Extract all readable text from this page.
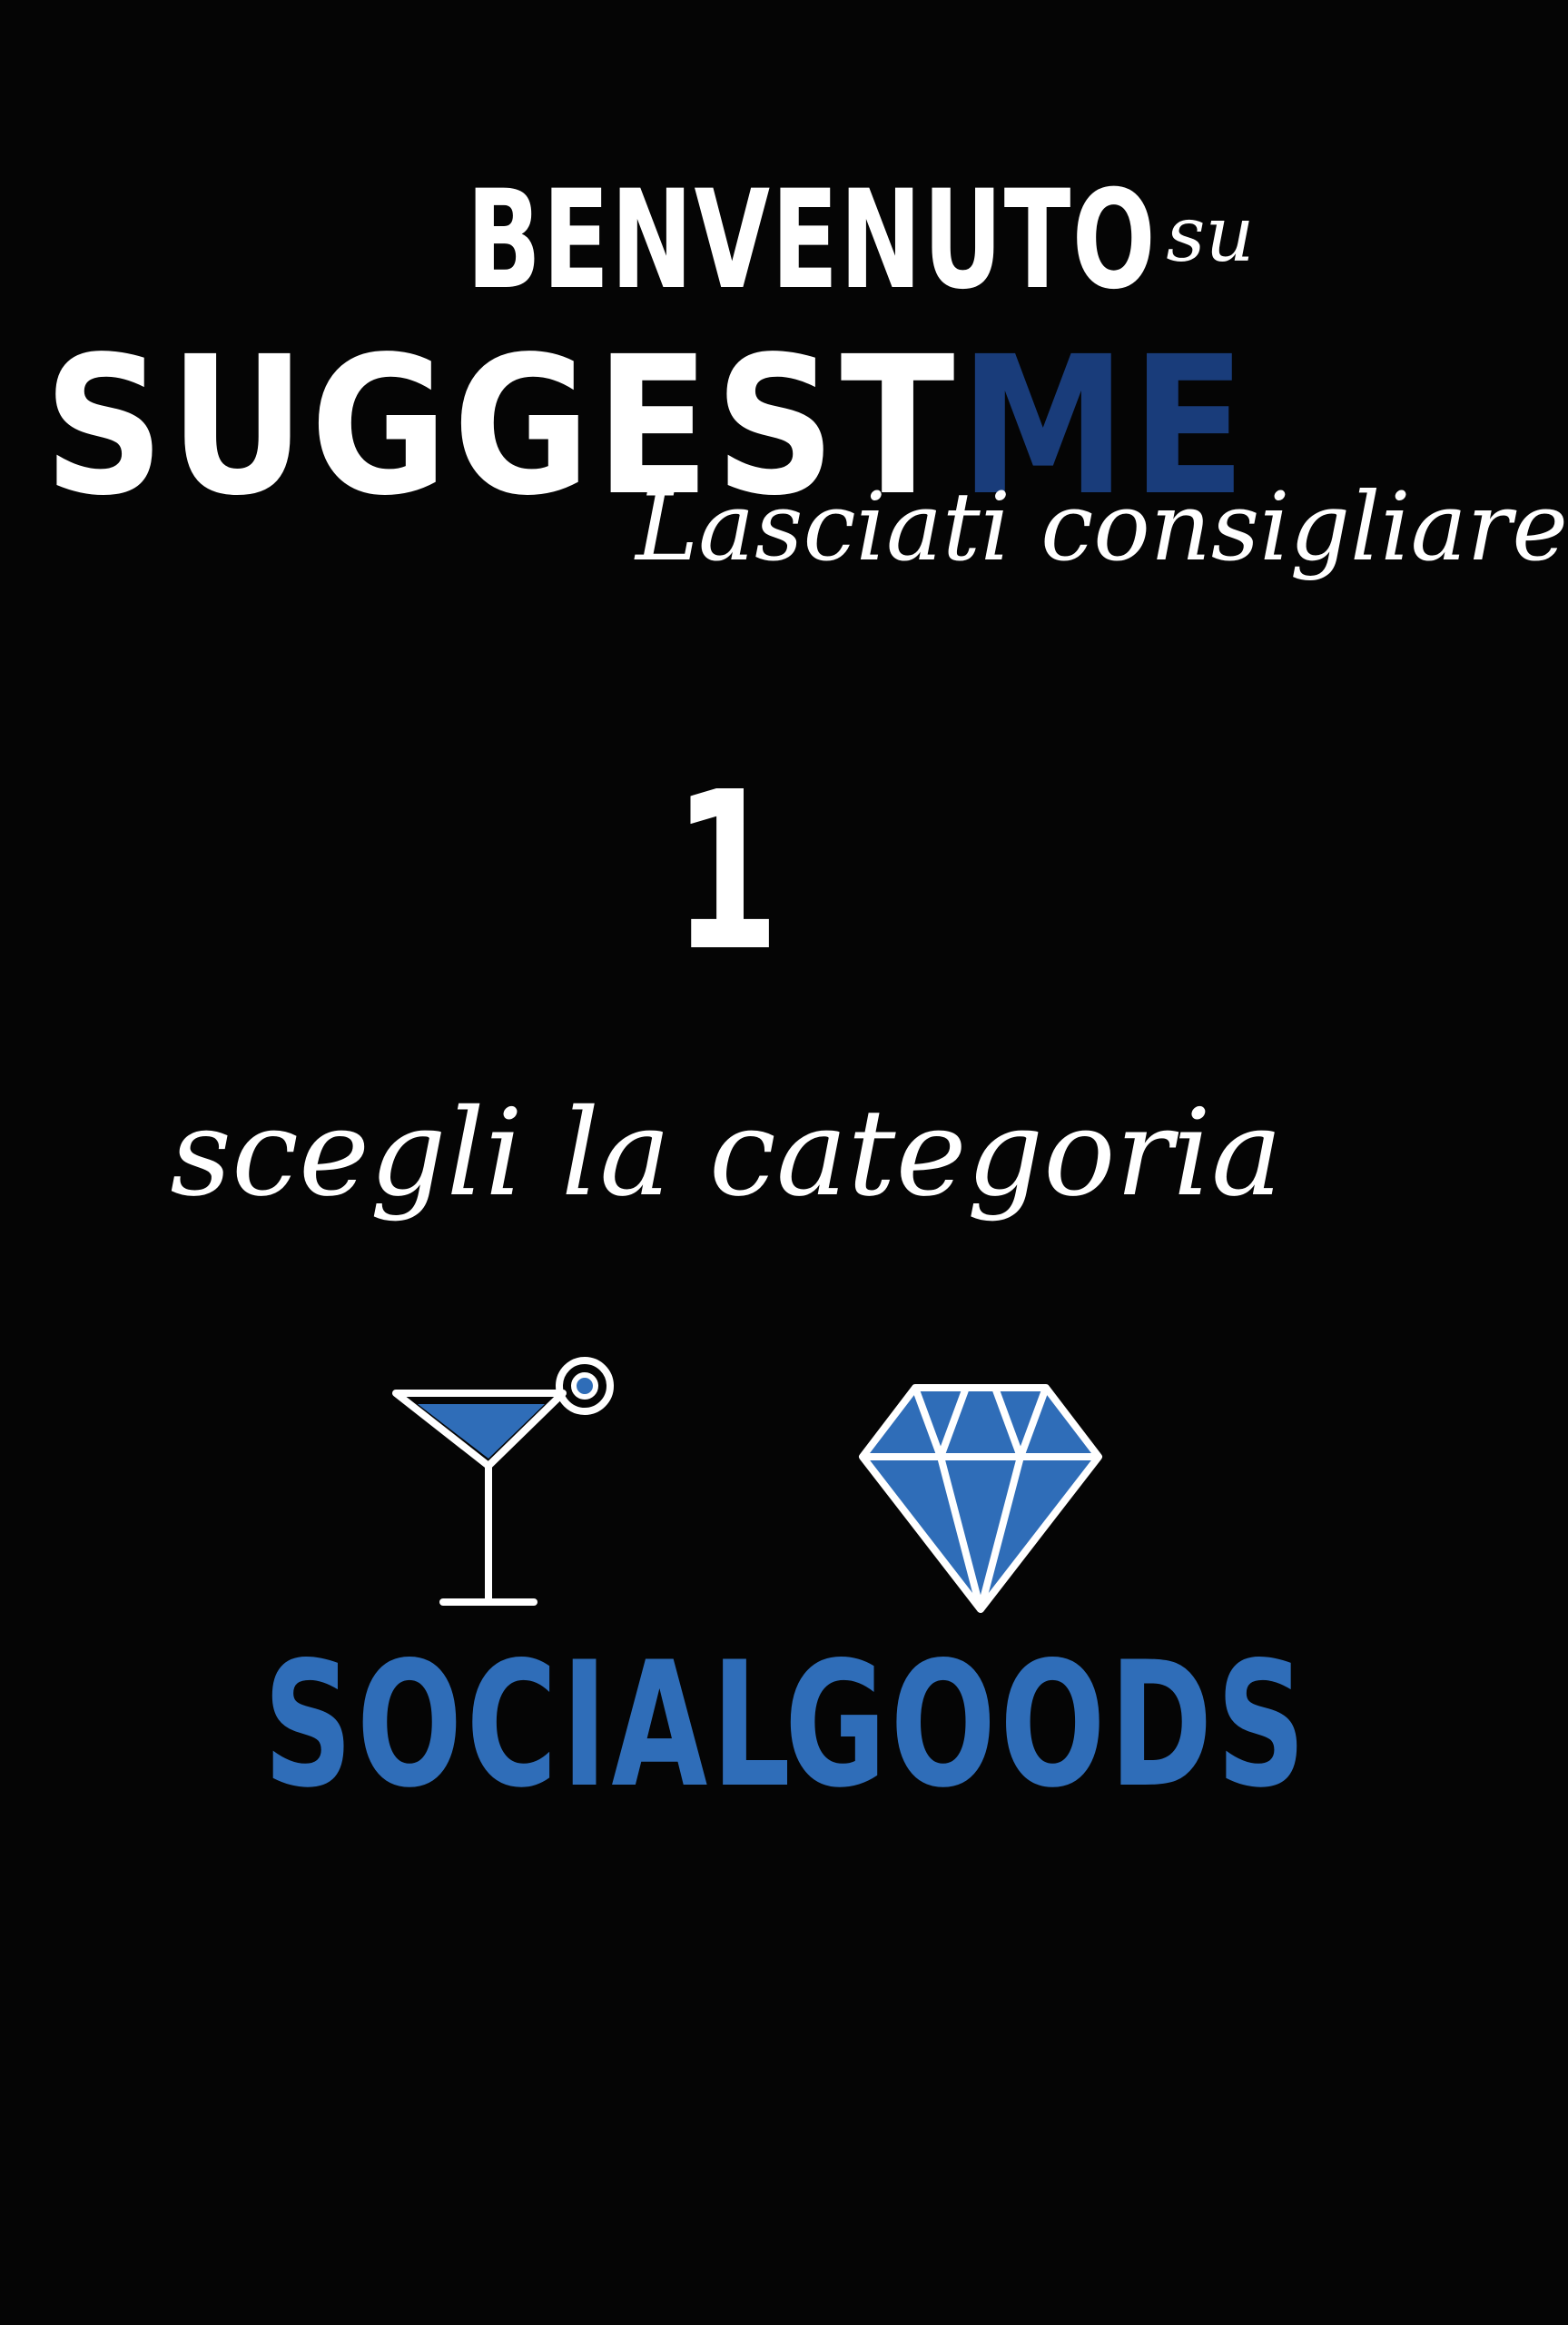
BENVENUTO su
SUGGESTME
Lasciati consigliare
1
scegli la categoria
SOCIAL
GOODS
